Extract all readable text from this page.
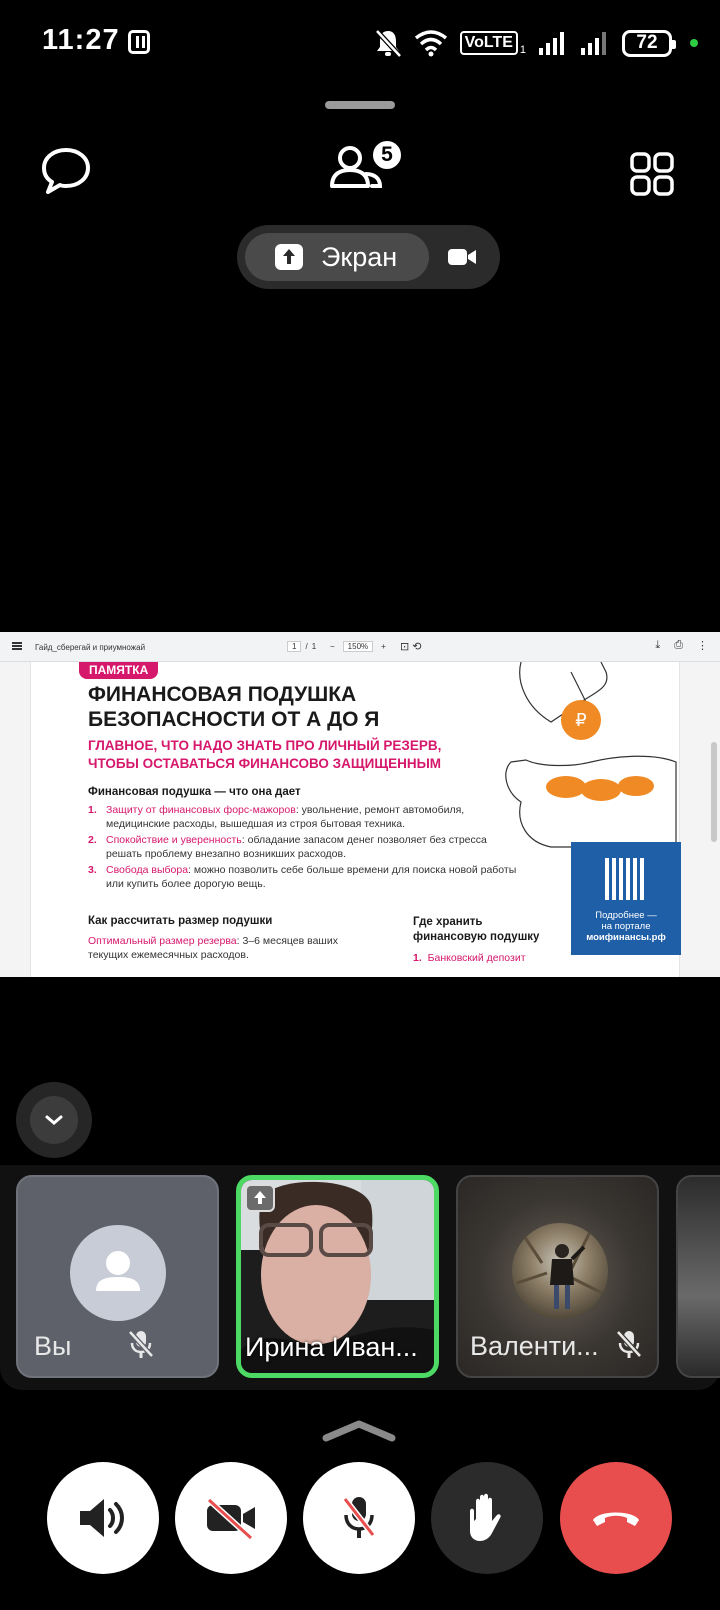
11:27	VoLTE 1	72
5
Экран
Гайд_сберегай и приумножай	1	/ 1 −	150%	+ ⊡ ⟲	⤓ ⎙ ⋮
ПАМЯТКА
ФИНАНСОВАЯ ПОДУШКА
БЕЗОПАСНОСТИ ОТ А ДО Я
ГЛАВНОЕ, ЧТО НАДО ЗНАТЬ ПРО ЛИЧНЫЙ РЕЗЕРВ,
ЧТОБЫ ОСТАВАТЬСЯ ФИНАНСОВО ЗАЩИЩЕННЫМ
Финансовая подушка — что она дает
1. Защиту от финансовых форс-мажоров: увольнение, ремонт автомобиля, медицинские расходы, вышедшая из строя бытовая техника.
2. Спокойствие и уверенность: обладание запасом денег позволяет без стресса решать проблему внезапно возникших расходов.
3. Свобода выбора: можно позволить себе больше времени для поиска новой работы или купить более дорогую вещь.
Как рассчитать размер подушки
Оптимальный размер резерва: 3–6 месяцев ваших текущих ежемесячных расходов.
Где хранить
финансовую подушку
1. Банковский депозит
₽
Подробнее —
на портале
моифинансы.рф
Вы	Ирина Иван... Валенти...
